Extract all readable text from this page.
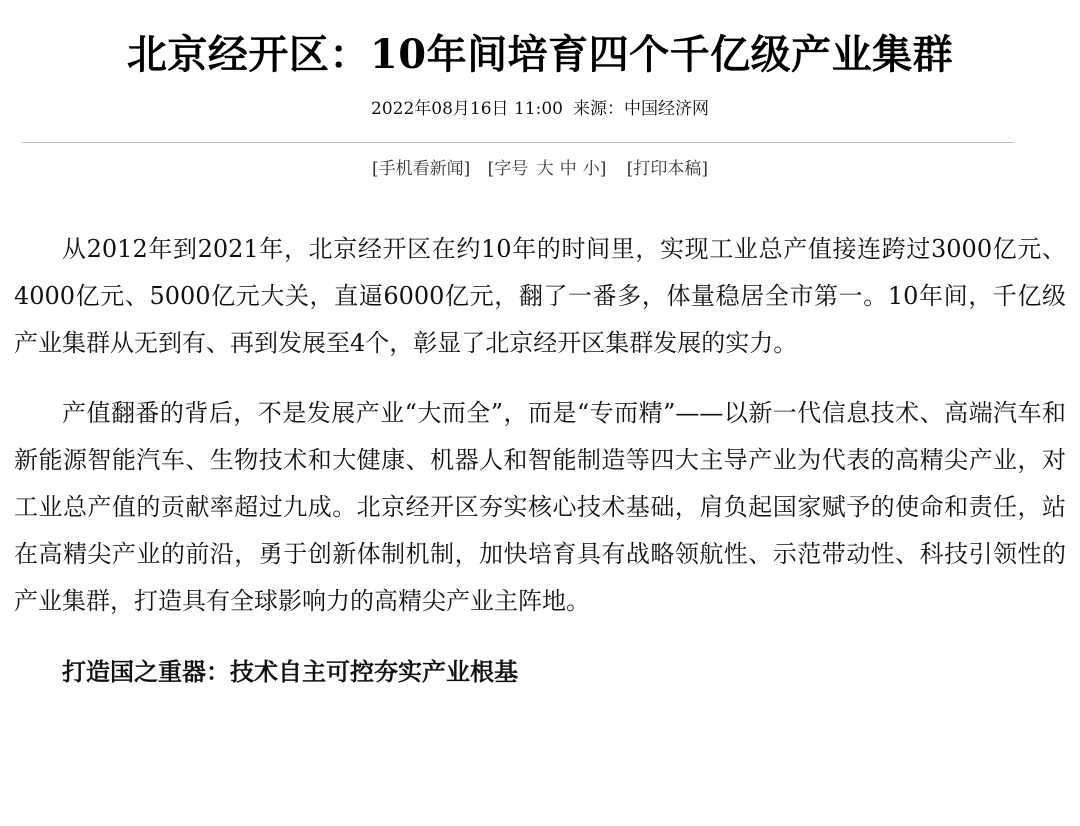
北京经开区：10年间培育四个千亿级产业集群
2022年08月16日 11:00 来源：中国经济网
[手机看新闻] [字号 大 中 小] [打印本稿]

从2012年到2021年，北京经开区在约10年的时间里，实现工业总产值接连跨过3000亿元、4000亿元、5000亿元大关，直逼6000亿元，翻了一番多，体量稳居全市第一。10年间，千亿级产业集群从无到有、再到发展至4个，彰显了北京经开区集群发展的实力。

产值翻番的背后，不是发展产业“大而全”，而是“专而精”——以新一代信息技术、高端汽车和新能源智能汽车、生物技术和大健康、机器人和智能制造等四大主导产业为代表的高精尖产业，对工业总产值的贡献率超过九成。北京经开区夯实核心技术基础，肩负起国家赋予的使命和责任，站在高精尖产业的前沿，勇于创新体制机制，加快培育具有战略领航性、示范带动性、科技引领性的产业集群，打造具有全球影响力的高精尖产业主阵地。

打造国之重器：技术自主可控夯实产业根基
